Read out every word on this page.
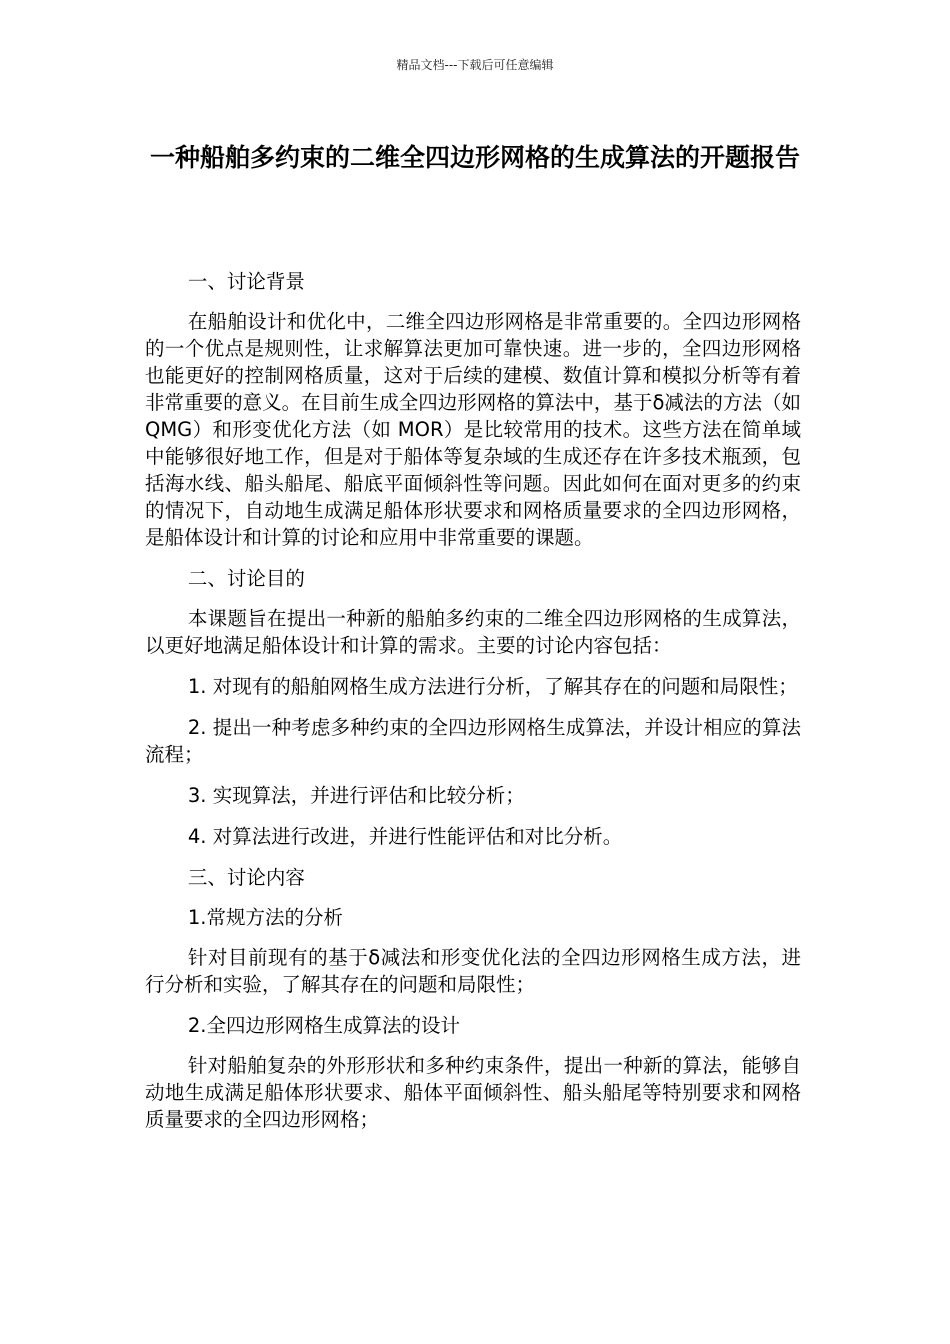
精品文档---下载后可任意编辑
一种船舶多约束的二维全四边形网格的生成算法的开题报告

一、讨论背景

在船舶设计和优化中，二维全四边形网格是非常重要的。全四边形网格的一个优点是规则性，让求解算法更加可靠快速。进一步的，全四边形网格也能更好的控制网格质量，这对于后续的建模、数值计算和模拟分析等有着非常重要的意义。在目前生成全四边形网格的算法中，基于δ减法的方法（如 QMG）和形变优化方法（如 MOR）是比较常用的技术。这些方法在简单域中能够很好地工作，但是对于船体等复杂域的生成还存在许多技术瓶颈，包括海水线、船头船尾、船底平面倾斜性等问题。因此如何在面对更多的约束的情况下，自动地生成满足船体形状要求和网格质量要求的全四边形网格，是船体设计和计算的讨论和应用中非常重要的课题。

二、讨论目的

本课题旨在提出一种新的船舶多约束的二维全四边形网格的生成算法，以更好地满足船体设计和计算的需求。主要的讨论内容包括：

1. 对现有的船舶网格生成方法进行分析，了解其存在的问题和局限性；

2. 提出一种考虑多种约束的全四边形网格生成算法，并设计相应的算法流程；

3. 实现算法，并进行评估和比较分析；

4. 对算法进行改进，并进行性能评估和对比分析。

三、讨论内容

1.常规方法的分析

针对目前现有的基于δ减法和形变优化法的全四边形网格生成方法，进行分析和实验，了解其存在的问题和局限性；

2.全四边形网格生成算法的设计

针对船舶复杂的外形形状和多种约束条件，提出一种新的算法，能够自动地生成满足船体形状要求、船体平面倾斜性、船头船尾等特别要求和网格质量要求的全四边形网格；
